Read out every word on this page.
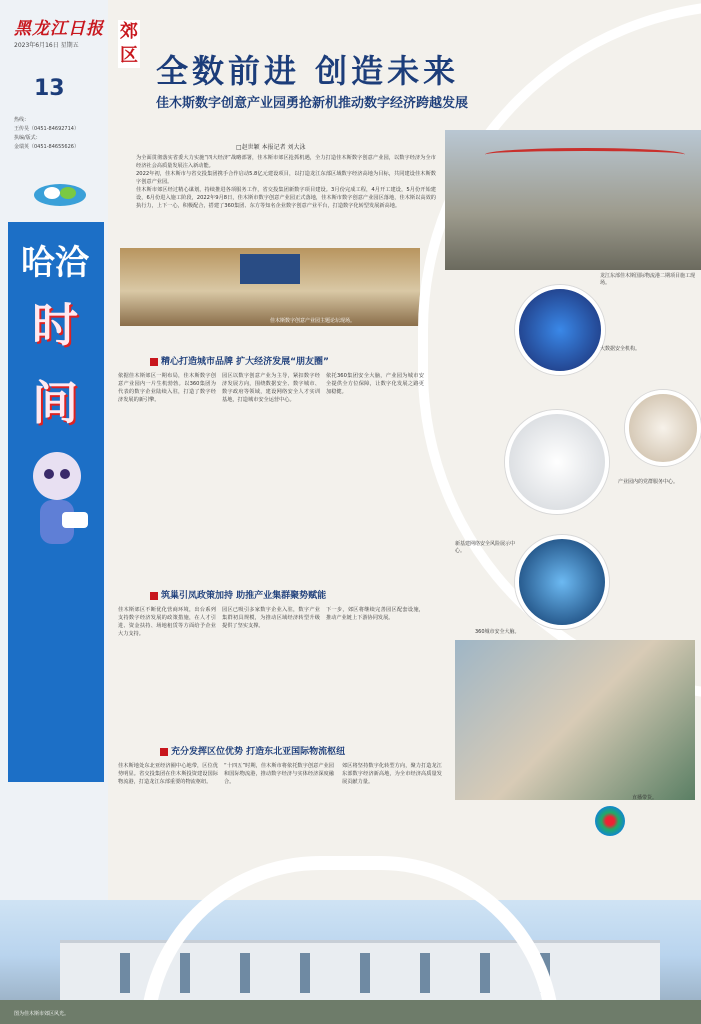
黑龙江日报
2023年6月16日 星期五
13
热线：
王传昊（0451-84692714）
执编/版式：
金瑞英（0451-84655626）
哈洽
时间
郊区 全数前进 创造未来
佳木斯数字创意产业园勇抢新机推动数字经济跨越发展
□赵世颖 本报记者 刘大泳

为全面贯彻落实省委大力实施“四大经济”战略部署，佳木斯市郊区抢抓机遇，全力打造佳木斯数字创意产业园，以数字经济为全市经济社会高质量发展注入新动能。

2022年初，佳木斯市与省交投集团携手合作启动5.8亿元建设项目，以打造龙江东部区域数字经济高地为目标，共同建设佳木斯数字创意产业园。

佳木斯市郊区经过精心谋划，持续推进各项服务工作，省交投集团新数字项目建设。3月份完成工程，4月开工建设，5月份开始建设，6月份进入施工阶段，2022年9月8日，佳木斯市数字创意产业园正式落地，佳木斯市数字创意产业园区落地，佳木斯以高效的执行力，上下一心，积极配合，搭建了360集团、东方等知名企业数字创意产业平台，打造数字化转型发展新高地。

佳木斯数字创意产业园主题论坛现场。
龙江东部佳木斯国际物流港二期项目施工现场。
大数据安全机构。
产业园内的党群服务中心。
新基建网络安全风险展示中心。
360城市安全大脑。
精心打造城市品牌 扩大经济发展“朋友圈”

依据佳木斯郊区一期布局，佳木斯数字创意产业园内一片生机勃勃。以360集团为代表的数字企业陆续入驻，打造了数字经济发展的新引擎。

园区以数字创意产业为主导，紧扣数字经济发展方向，围绕数据安全、数字城市、数字政府等领域，建设网络安全人才实训基地，打造城市安全运营中心。

依托360集团安全大脑，产业园为城市安全提供全方位保障，让数字化发展之路更加稳健。

筑巢引凤政策加持 助推产业集群聚势赋能

佳木斯郊区不断优化营商环境，出台系列支持数字经济发展的政策措施，在人才引进、资金扶持、场地租赁等方面给予企业大力支持。

园区已吸引多家数字企业入驻，数字产业集群初具规模，为推动区域经济转型升级提供了坚实支撑。

下一步，郊区将继续完善园区配套设施，推动产业链上下游协同发展。

直播带货。
充分发挥区位优势 打造东北亚国际物流枢纽

佳木斯地处东北亚经济圈中心地带，区位优势明显。省交投集团在佳木斯投资建设国际物流港，打造龙江东部重要的物流枢纽。

“十四五”时期，佳木斯市将依托数字创意产业园和国际物流港，推动数字经济与实体经济深度融合。

郊区将坚持数字化转型方向，聚力打造龙江东部数字经济新高地，为全市经济高质量发展贡献力量。

图为佳木斯市郊区风光。
